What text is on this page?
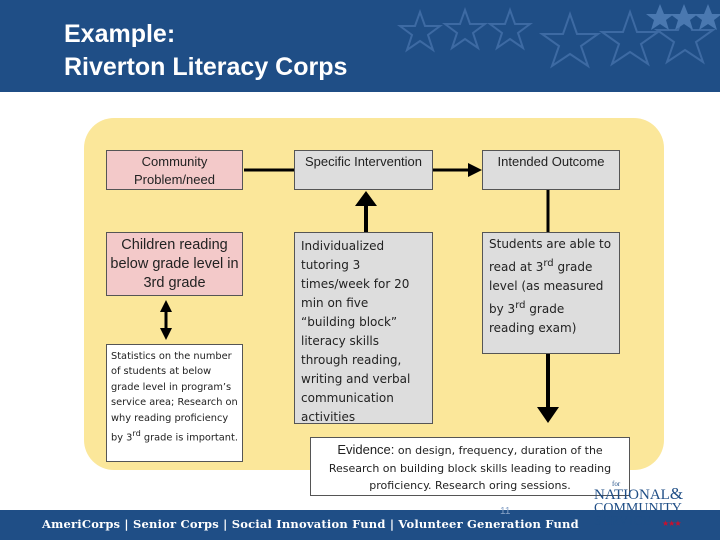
Example:
Riverton Literacy Corps
Community Problem/need
Specific Intervention	Intended Outcome
Children reading below grade level in 3rd grade
Statistics on the number of students at below grade level in program’s service area; Research on why reading proficiency by 3rd grade is important.
Individualized tutoring 3 times/week for 20 min on five “building block” literacy skills through reading, writing and verbal communication activities
Students are able to read at 3rd grade level (as measured by 3rd grade reading exam)
Evidence: on design, frequency, duration of the Research on building block skills leading to reading proficiency. Research oring sessions.
AmeriCorps | Senior Corps | Social Innovation Fund | Volunteer Generation Fund
11
for
NATIONAL&
COMMUNITY
SERVICE ★★★
